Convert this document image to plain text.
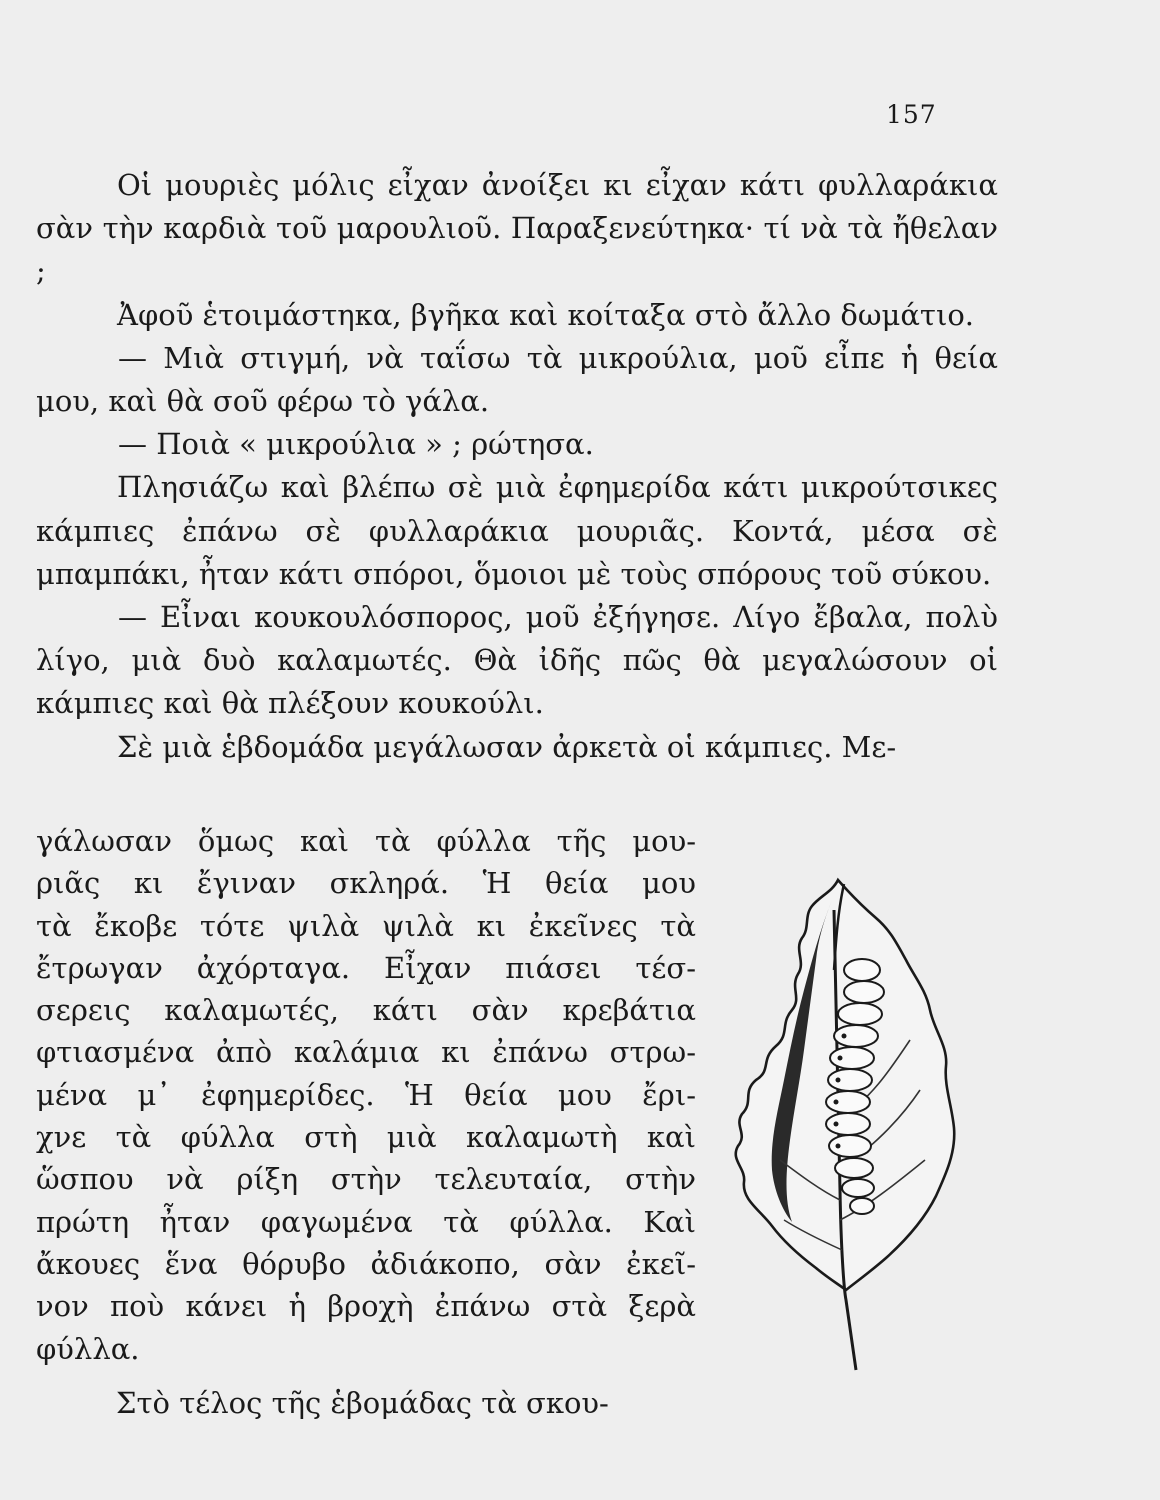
157

Οἱ μουριὲς μόλις εἶχαν ἀνοίξει κι εἶχαν κάτι φυλλαράκια σὰν τὴν καρδιὰ τοῦ μαρουλιοῦ. Παραξενεύτηκα· τί νὰ τὰ ἤθελαν ;

Ἀφοῦ ἑτοιμάστηκα, βγῆκα καὶ κοίταξα στὸ ἄλλο δωμάτιο.

— Μιὰ στιγμή, νὰ ταΐσω τὰ μικρούλια, μοῦ εἶπε ἡ θεία μου, καὶ θὰ σοῦ φέρω τὸ γάλα.

— Ποιὰ « μικρούλια » ; ρώτησα.

Πλησιάζω καὶ βλέπω σὲ μιὰ ἐφημερίδα κάτι μικρούτσικες κάμπιες ἐπάνω σὲ φυλλαράκια μουριᾶς. Κοντά, μέσα σὲ μπαμπάκι, ἦταν κάτι σπόροι, ὅμοιοι μὲ τοὺς σπόρους τοῦ σύκου.

— Εἶναι κουκουλόσπορος, μοῦ ἐξήγησε. Λίγο ἔβαλα, πολὺ λίγο, μιὰ δυὸ καλαμωτές. Θὰ ἰδῆς πῶς θὰ μεγαλώσουν οἱ κάμπιες καὶ θὰ πλέξουν κουκούλι.

Σὲ μιὰ ἑβδομάδα μεγάλωσαν ἀρκετὰ οἱ κάμπιες. Με-

γάλωσαν ὅμως καὶ τὰ φύλλα τῆς μου-

ριᾶς κι ἔγιναν σκληρά. Ἡ θεία μου

τὰ ἔκοβε τότε ψιλὰ ψιλὰ κι ἐκεῖνες τὰ

ἔτρωγαν ἀχόρταγα. Εἶχαν πιάσει τέσ-

σερεις καλαμωτές, κάτι σὰν κρεβάτια

φτιασμένα ἀπὸ καλάμια κι ἐπάνω στρω-

μένα μ᾽ ἐφημερίδες. Ἡ θεία μου ἔρι-

χνε τὰ φύλλα στὴ μιὰ καλαμωτὴ καὶ

ὥσπου νὰ ρίξη στὴν τελευταία, στὴν

πρώτη ἦταν φαγωμένα τὰ φύλλα. Καὶ

ἄκουες ἕνα θόρυβο ἀδιάκοπο, σὰν ἐκεῖ-

νον ποὺ κάνει ἡ βροχὴ ἐπάνω στὰ ξερὰ

φύλλα.

Στὸ τέλος τῆς ἑβομάδας τὰ σκου-
